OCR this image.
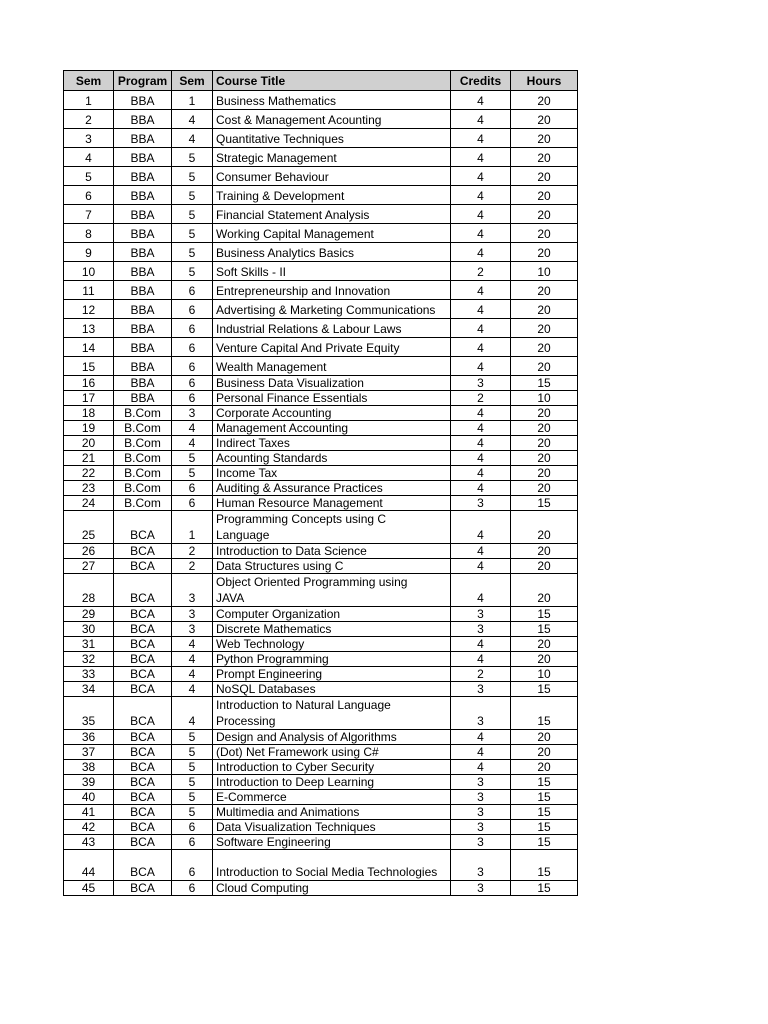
Sem	Program	Sem	Course Title	Credits	Hours
1	BBA	1	Business Mathematics	4	20
2	BBA	4	Cost & Management Acounting	4	20
3	BBA	4	Quantitative Techniques	4	20
4	BBA	5	Strategic Management	4	20
5	BBA	5	Consumer Behaviour	4	20
6	BBA	5	Training & Development	4	20
7	BBA	5	Financial Statement Analysis	4	20
8	BBA	5	Working Capital Management	4	20
9	BBA	5	Business Analytics Basics	4	20
10	BBA	5	Soft Skills - II	2	10
11	BBA	6	Entrepreneurship and Innovation	4	20
12	BBA	6	Advertising & Marketing Communications	4	20
13	BBA	6	Industrial Relations & Labour Laws	4	20
14	BBA	6	Venture Capital And Private Equity	4	20
15	BBA	6	Wealth Management	4	20
16	BBA	6	Business Data Visualization	3	15
17	BBA	6	Personal Finance Essentials	2	10
18	B.Com	3	Corporate Accounting	4	20
19	B.Com	4	Management Accounting	4	20
20	B.Com	4	Indirect Taxes	4	20
21	B.Com	5	Acounting Standards	4	20
22	B.Com	5	Income Tax	4	20
23	B.Com	6	Auditing & Assurance Practices	4	20
24	B.Com	6	Human Resource Management	3	15
25	BCA	1	Programming Concepts using C
Language	4	20
26	BCA	2	Introduction to Data Science	4	20
27	BCA	2	Data Structures using C	4	20
28	BCA	3	Object Oriented Programming using
JAVA	4	20
29	BCA	3	Computer Organization	3	15
30	BCA	3	Discrete Mathematics	3	15
31	BCA	4	Web Technology	4	20
32	BCA	4	Python Programming	4	20
33	BCA	4	Prompt Engineering	2	10
34	BCA	4	NoSQL Databases	3	15
35	BCA	4	Introduction to Natural Language
Processing	3	15
36	BCA	5	Design and Analysis of Algorithms	4	20
37	BCA	5	(Dot) Net Framework using C#	4	20
38	BCA	5	Introduction to Cyber Security	4	20
39	BCA	5	Introduction to Deep Learning	3	15
40	BCA	5	E-Commerce	3	15
41	BCA	5	Multimedia and Animations	3	15
42	BCA	6	Data Visualization Techniques	3	15
43	BCA	6	Software Engineering	3	15
44	BCA	6	Introduction to Social Media Technologies	3	15
45	BCA	6	Cloud Computing	3	15
